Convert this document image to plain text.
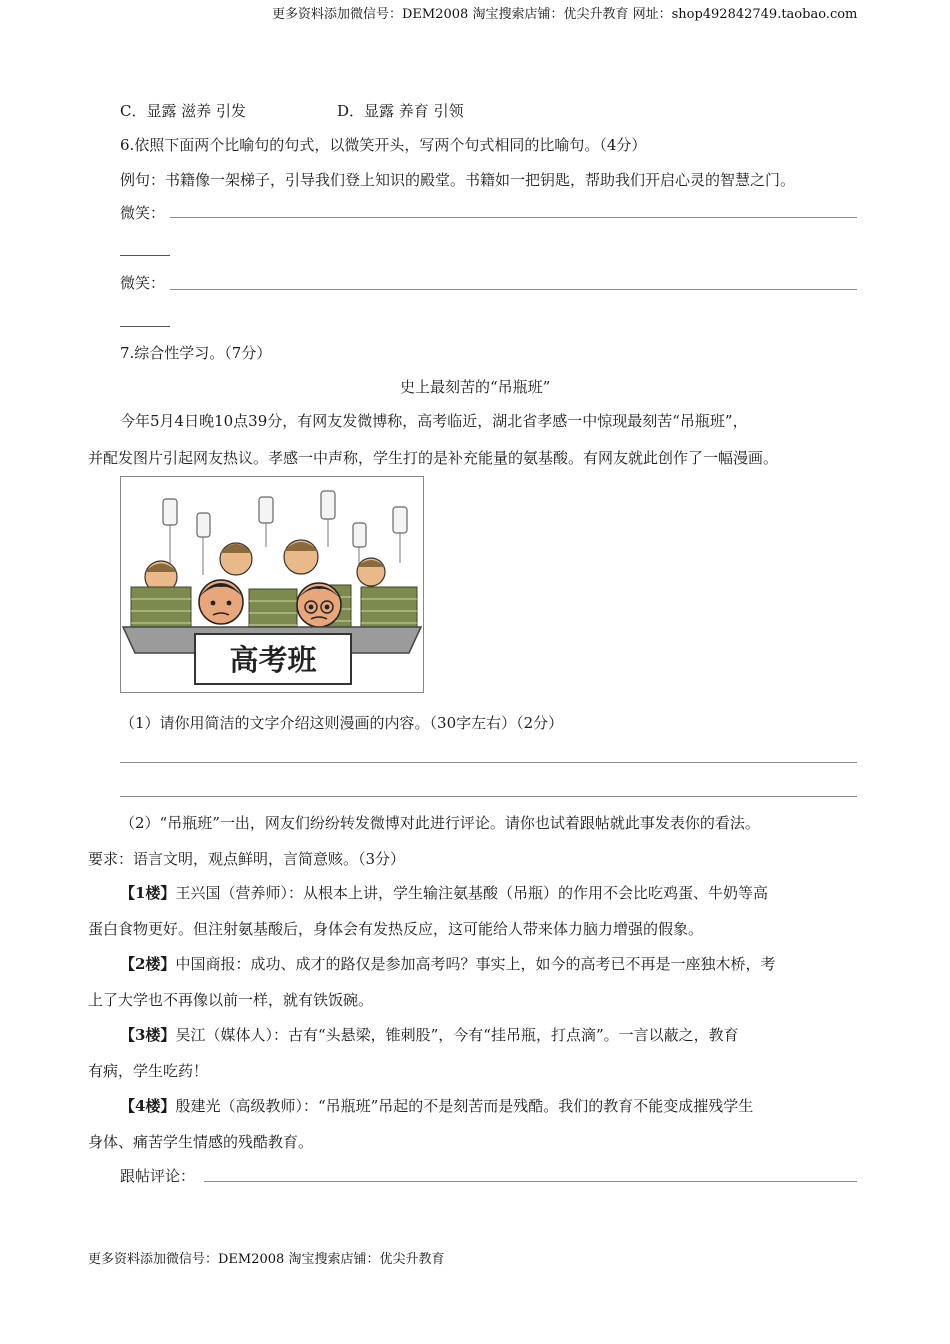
更多资料添加微信号：DEM2008 淘宝搜索店铺：优尖升教育 网址：shop492842749.taobao.com
C．显露 滋养 引发	D．显露 养育 引领
6.依照下面两个比喻句的句式，以微笑开头，写两个句式相同的比喻句。（4分）
例句：书籍像一架梯子，引导我们登上知识的殿堂。书籍如一把钥匙，帮助我们开启心灵的智慧之门。
微笑：
微笑：
7.综合性学习。（7分）
史上最刻苦的“吊瓶班”
今年5月4日晚10点39分，有网友发微博称，高考临近，湖北省孝感一中惊现最刻苦“吊瓶班”，
并配发图片引起网友热议。孝感一中声称，学生打的是补充能量的氨基酸。有网友就此创作了一幅漫画。
高考班
（1）请你用简洁的文字介绍这则漫画的内容。（30字左右）（2分）
（2）“吊瓶班”一出，网友们纷纷转发微博对此进行评论。请你也试着跟帖就此事发表你的看法。
要求：语言文明，观点鲜明，言简意赅。（3分）
【1楼】王兴国（营养师）：从根本上讲，学生输注氨基酸（吊瓶）的作用不会比吃鸡蛋、牛奶等高
蛋白食物更好。但注射氨基酸后，身体会有发热反应，这可能给人带来体力脑力增强的假象。
【2楼】中国商报：成功、成才的路仅是参加高考吗？事实上，如今的高考已不再是一座独木桥，考
上了大学也不再像以前一样，就有铁饭碗。
【3楼】吴江（媒体人）：古有“头悬梁，锥刺股”，今有“挂吊瓶，打点滴”。一言以蔽之，教育
有病，学生吃药！
【4楼】殷建光（高级教师）：“吊瓶班”吊起的不是刻苦而是残酷。我们的教育不能变成摧残学生
身体、痛苦学生情感的残酷教育。
跟帖评论：
更多资料添加微信号：DEM2008 淘宝搜索店铺：优尖升教育
